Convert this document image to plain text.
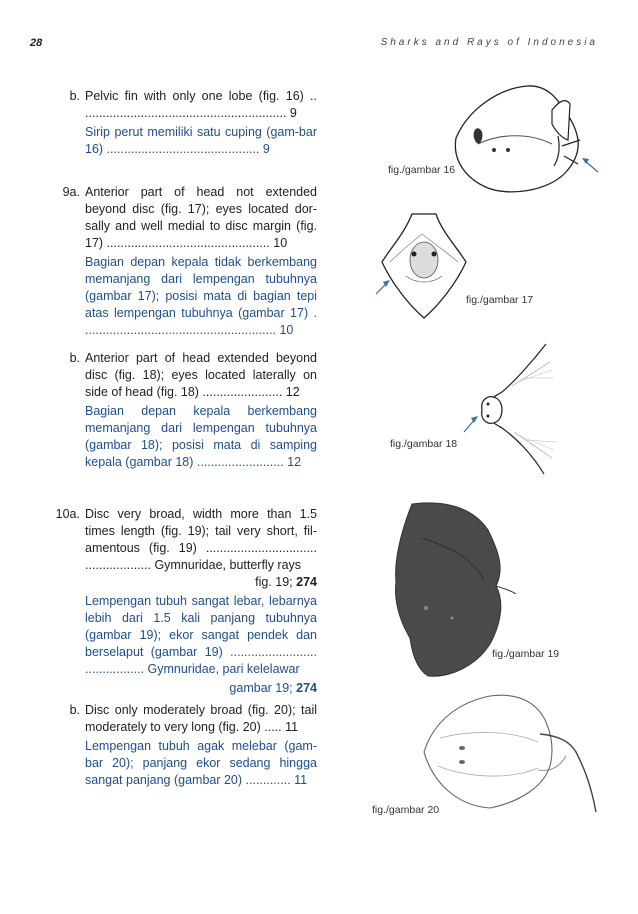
28	Sharks and Rays of Indonesia
b. Pelvic fin with only one lobe (fig. 16) .. .......................................................... 9
Sirip perut memiliki satu cuping (gam-bar 16) ............................................ 9
9a. Anterior part of head not extended beyond disc (fig. 17); eyes located dor-sally and well medial to disc margin (fig. 17) ............................................... 10
Bagian depan kepala tidak berkembang memanjang dari lempengan tubuhnya (gambar 17); posisi mata di bagian tepi atas lempengan tubuhnya (gambar 17) . ....................................................... 10
b. Anterior part of head extended beyond disc (fig. 18); eyes located laterally on side of head (fig. 18) ....................... 12
Bagian depan kepala berkembang memanjang dari lempengan tubuhnya (gambar 18); posisi mata di samping kepala (gambar 18) ......................... 12
10a. Disc very broad, width more than 1.5 times length (fig. 19); tail very short, fil-amentous (fig. 19) ................................ ................... Gymnuridae, butterfly rays
fig. 19; 274
Lempengan tubuh sangat lebar, lebarnya lebih dari 1.5 kali panjang tubuhnya (gambar 19); ekor sangat pendek dan berselaput (gambar 19) ......................... ................. Gymnuridae, pari kelelawar
gambar 19; 274
b. Disc only moderately broad (fig. 20); tail moderately to very long (fig. 20) ..... 11
Lempengan tubuh agak melebar (gam-bar 20); panjang ekor sedang hingga sangat panjang (gambar 20) ............. 11
fig./gambar 16
fig./gambar 17
fig./gambar 18
fig./gambar 19
fig./gambar 20
